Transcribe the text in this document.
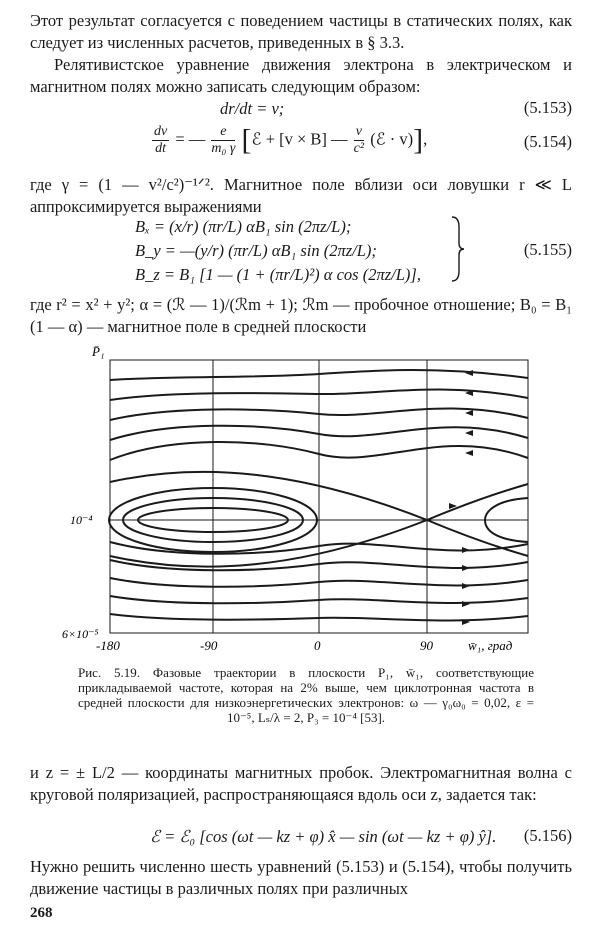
Этот результат согласуется с поведением частицы в статических полях, как следует из численных расчетов, приведенных в § 3.3.

Релятивистское уравнение движения электрона в электрическом и магнитном полях можно записать следующим образом:

dr/dt = v;	(5.153)
$\frac{dv}{dt}$ = — $\frac{e}{\text{m₀ γ}}$ [ℰ + [v × B] — $\frac{v}{\text{c²}}$ (ℰ · v)],	(5.154)

где γ = (1 — v²/c²)⁻¹ᐟ². Магнитное поле вблизи оси ловушки r ≪ L аппроксимируется выражениями

Bₓ = (x/r) (πr/L) αB₁ sin (2πz/L);
B_y = —(y/r) (πr/L) αB₁ sin (2πz/L);
B_z = B₁ [1 — (1 + (πr/L)²) α cos (2πz/L)],
(5.155)

где r² = x² + y²; α = (ℛ — 1)/(ℛm + 1); ℛm — пробочное отношение; B₀ = B₁ (1 — α) — магнитное поле в средней плоскости

P̄₁
10⁻⁴
6×10⁻⁵
-180	-90	0	90	w̄₁, град
Рис. 5.19. Фазовые траектории в плоскости P₁, w̄₁, соответствующие прикладываемой частоте, которая на 2% выше, чем циклотронная частота в средней плоскости для низкоэнергетических электронов: ω — γ₀ω₀ = 0,02, ε = 10⁻⁵, Lₛ/λ = 2, P₃ = 10⁻⁴ [53].

и z = ± L/2 — координаты магнитных пробок. Электромагнитная волна с круговой поляризацией, распространяющаяся вдоль оси z, задается так:

ℰ = ℰ₀ [cos (ωt — kz + φ) x̂ — sin (ωt — kz + φ) ŷ]. (5.156)

Нужно решить численно шесть уравнений (5.153) и (5.154), чтобы получить движение частицы в различных полях при различных

268
